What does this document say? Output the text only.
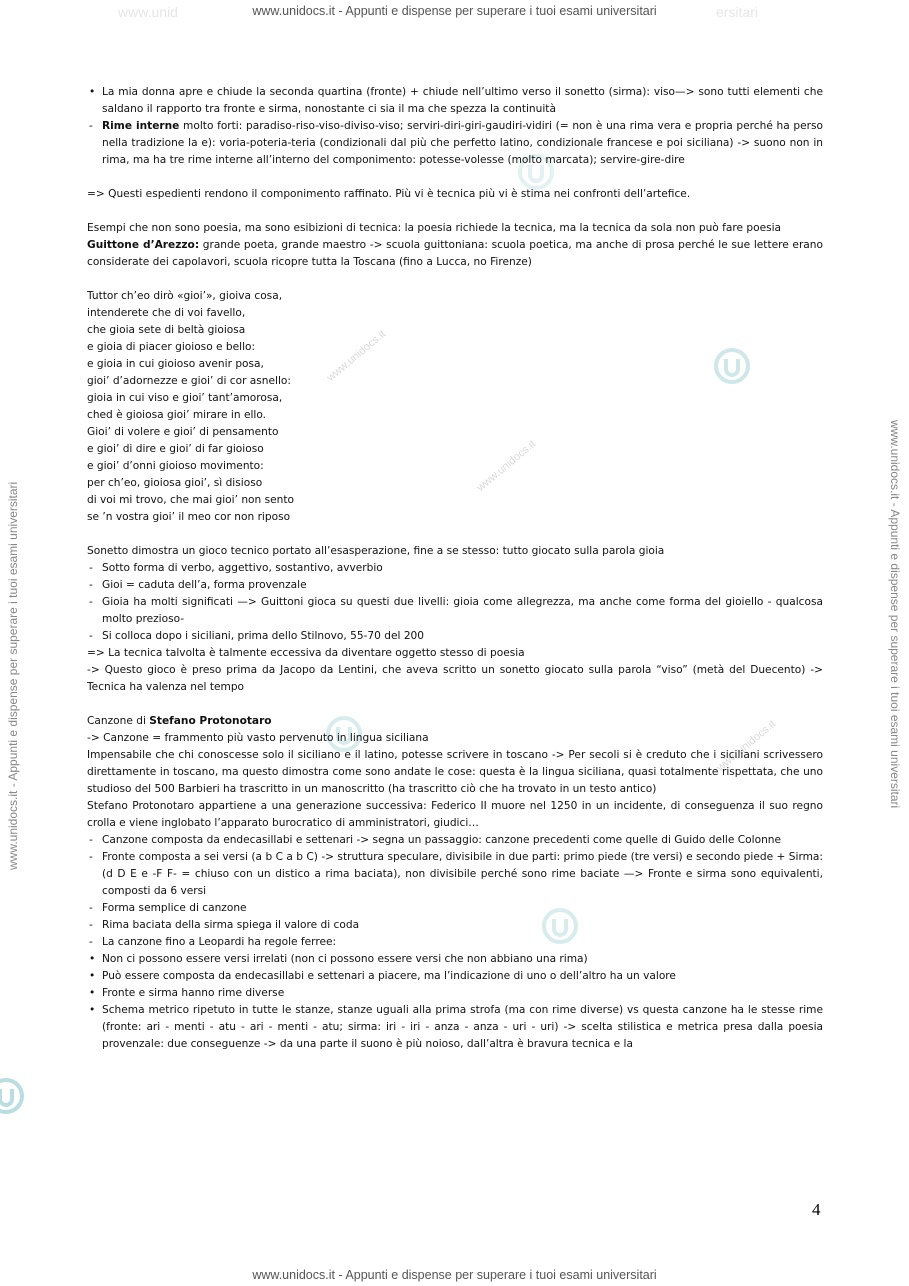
www.unidocs.it - Appunti e dispense per superare i tuoi esami universitari
www.unid	ersitari
www.unidocs.it - Appunti e dispense per superare i tuoi esami universitari	www.unidocs.it - Appunti e dispense per superare i tuoi esami universitari
www.unidocs.it - Appunti e dispense per superare i tuoi esami universitari
www.unidocs.it
www.unidocs.it
www.unidocs.it

• La mia donna apre e chiude la seconda quartina (fronte) + chiude nell’ultimo verso il sonetto (sirma): viso—> sono tutti elementi che saldano il rapporto tra fronte e sirma, nonostante ci sia il ma che spezza la continuità

- Rime interne molto forti: paradiso-riso-viso-diviso-viso; serviri-diri-giri-gaudiri-vidiri (= non è una rima vera e propria perché ha perso nella tradizione la e): voria-poteria-teria (condizionali dal più che perfetto latino, condizionale francese e poi siciliana) -> suono non in rima, ma ha tre rime interne all’interno del componimento: potesse-volesse (molto marcata); servire-gire-dire

=> Questi espedienti rendono il componimento raffinato. Più vi è tecnica più vi è stima nei confronti dell’artefice.

Esempi che non sono poesia, ma sono esibizioni di tecnica: la poesia richiede la tecnica, ma la tecnica da sola non può fare poesia

Guittone d’Arezzo: grande poeta, grande maestro -> scuola guittoniana: scuola poetica, ma anche di prosa perché le sue lettere erano considerate dei capolavori, scuola ricopre tutta la Toscana (fino a Lucca, no Firenze)

Tuttor ch’eo dirò «gioi’», gioiva cosa,
intenderete che di voi favello,
che gioia sete di beltà gioiosa
e gioia di piacer gioioso e bello:
e gioia in cui gioioso avenir posa,
gioi’ d’adornezze e gioi’ di cor asnello:
gioia in cui viso e gioi’ tant’amorosa,
ched è gioiosa gioi’ mirare in ello.
Gioi’ di volere e gioi’ di pensamento
e gioi’ di dire e gioi’ di far gioioso
e gioi’ d’onni gioioso movimento:
per ch’eo, gioiosa gioi’, sì disioso
di voi mi trovo, che mai gioi’ non sento
se ’n vostra gioi’ il meo cor non riposo

Sonetto dimostra un gioco tecnico portato all’esasperazione, fine a se stesso: tutto giocato sulla parola gioia

- Sotto forma di verbo, aggettivo, sostantivo, avverbio

- Gioi = caduta dell’a, forma provenzale

- Gioia ha molti significati —> Guittoni gioca su questi due livelli: gioia come allegrezza, ma anche come forma del gioiello - qualcosa molto prezioso-

- Si colloca dopo i siciliani, prima dello Stilnovo, 55-70 del 200

=> La tecnica talvolta è talmente eccessiva da diventare oggetto stesso di poesia

-> Questo gioco è preso prima da Jacopo da Lentini, che aveva scritto un sonetto giocato sulla parola “viso” (metà del Duecento) -> Tecnica ha valenza nel tempo

Canzone di Stefano Protonotaro

-> Canzone = frammento più vasto pervenuto in lingua siciliana

Impensabile che chi conoscesse solo il siciliano e il latino, potesse scrivere in toscano -> Per secoli si è creduto che i siciliani scrivessero direttamente in toscano, ma questo dimostra come sono andate le cose: questa è la lingua siciliana, quasi totalmente rispettata, che uno studioso del 500 Barbieri ha trascritto in un manoscritto (ha trascritto ciò che ha trovato in un testo antico)

Stefano Protonotaro appartiene a una generazione successiva: Federico II muore nel 1250 in un incidente, di conseguenza il suo regno crolla e viene inglobato l’apparato burocratico di amministratori, giudici…

- Canzone composta da endecasillabi e settenari -> segna un passaggio: canzone precedenti come quelle di Guido delle Colonne

- Fronte composta a sei versi (a b C a b C) -> struttura speculare, divisibile in due parti: primo piede (tre versi) e secondo piede + Sirma: (d D E e -F F- = chiuso con un distico a rima baciata), non divisibile perché sono rime baciate —> Fronte e sirma sono equivalenti, composti da 6 versi

- Forma semplice di canzone

- Rima baciata della sirma spiega il valore di coda

- La canzone fino a Leopardi ha regole ferree:

• Non ci possono essere versi irrelati (non ci possono essere versi che non abbiano una rima)

• Può essere composta da endecasillabi e settenari a piacere, ma l’indicazione di uno o dell’altro ha un valore

• Fronte e sirma hanno rime diverse

• Schema metrico ripetuto in tutte le stanze, stanze uguali alla prima strofa (ma con rime diverse) vs questa canzone ha le stesse rime (fronte: ari - menti - atu - ari - menti - atu; sirma: iri - iri - anza - anza - uri - uri) -> scelta stilistica e metrica presa dalla poesia provenzale: due conseguenze -> da una parte il suono è più noioso, dall’altra è bravura tecnica e la

4
